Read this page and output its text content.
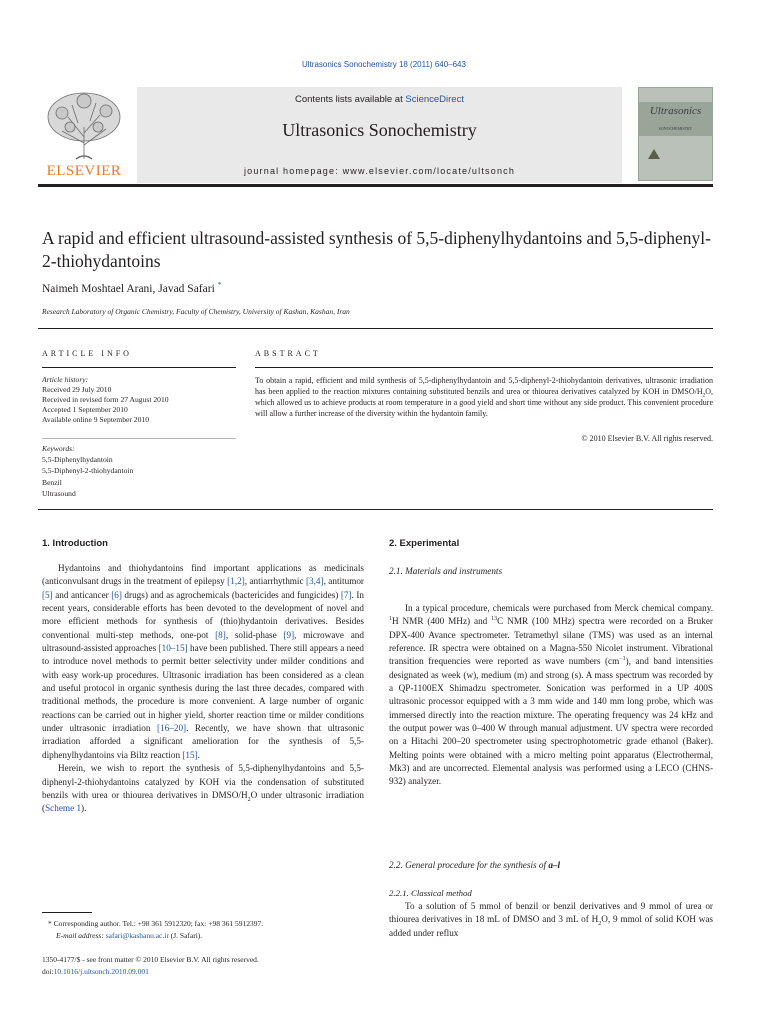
Ultrasonics Sonochemistry 18 (2011) 640–643
ELSEVIER
Contents lists available at ScienceDirect
Ultrasonics Sonochemistry
journal homepage: www.elsevier.com/locate/ultsonch
Ultrasonics
SONOCHEMISTRY
A rapid and efficient ultrasound-assisted synthesis of 5,5-diphenylhydantoins and 5,5-diphenyl-2-thiohydantoins
Naimeh Moshtael Arani, Javad Safari *
Research Laboratory of Organic Chemistry, Faculty of Chemistry, University of Kashan, Kashan, Iran
ARTICLE INFO	ABSTRACT
Article history:
Received 29 July 2010
Received in revised form 27 August 2010
Accepted 1 September 2010
Available online 9 September 2010
Keywords:
5,5-Diphenylhydantoin
5,5-Diphenyl-2-thiohydantoin
Benzil
Ultrasound
To obtain a rapid, efficient and mild synthesis of 5,5-diphenylhydantoin and 5,5-diphenyl-2-thiohydantoin derivatives, ultrasonic irradiation has been applied to the reaction mixtures containing substituted benzils and urea or thiourea derivatives catalyzed by KOH in DMSO/$H_2O$, which allowed us to achieve products at room temperature in a good yield and short time without any side product. This convenient procedure will allow a further increase of the diversity within the hydantoin family.
© 2010 Elsevier B.V. All rights reserved.
1. Introduction

Hydantoins and thiohydantoins find important applications as medicinals (anticonvulsant drugs in the treatment of epilepsy [1,2], antiarrhythmic [3,4], antitumor [5] and anticancer [6] drugs) and as agrochemicals (bactericides and fungicides) [7]. In recent years, considerable efforts has been devoted to the development of novel and more efficient methods for synthesis of (thio)hydantoin derivatives. Besides conventional multi-step methods, one-pot [8], solid-phase [9], microwave and ultrasound-assisted approaches [10–15] have been published. There still appears a need to introduce novel methods to permit better selectivity under milder conditions and with easy work-up procedures. Ultrasonic irradiation has been considered as a clean and useful protocol in organic synthesis during the last three decades, compared with traditional methods, the procedure is more convenient. A large number of organic reactions can be carried out in higher yield, shorter reaction time or milder conditions under ultrasonic irradiation [16–20]. Recently, we have shown that ultrasonic irradiation afforded a significant amelioration for the synthesis of 5,5-diphenylhydantoins via Biltz reaction [15].

Herein, we wish to report the synthesis of 5,5-diphenylhydantoins and 5,5-diphenyl-2-thiohydantoins catalyzed by KOH via the condensation of substituted benzils with urea or thiourea derivatives in DMSO/$H_2O$ under ultrasonic irradiation (Scheme 1).

2. Experimental
2.1. Materials and instruments

In a typical procedure, chemicals were purchased from Merck chemical company. $^1$H NMR (400 MHz) and $^{13}$C NMR (100 MHz) spectra were recorded on a Bruker DPX-400 Avance spectrometer. Tetramethyl silane (TMS) was used as an internal reference. IR spectra were obtained on a Magna-550 Nicolet instrument. Vibrational transition frequencies were reported as wave numbers $(cm^{-1})$, and band intensities designated as week (w), medium (m) and strong (s). A mass spectrum was recorded by a QP-1100EX Shimadzu spectrometer. Sonication was performed in a UP 400S ultrasonic processor equipped with a 3 mm wide and 140 mm long probe, which was immersed directly into the reaction mixture. The operating frequency was 24 kHz and the output power was 0–400 W through manual adjustment. UV spectra were recorded on a Hitachi 200–20 spectrometer using spectrophotometric grade ethanol (Baker). Melting points were obtained with a micro melting point apparatus (Electrothermal, Mk3) and are uncorrected. Elemental analysis was performed using a LECO (CHNS-932) analyzer.

2.2. General procedure for the synthesis of a–l
2.2.1. Classical method

To a solution of 5 mmol of benzil or benzil derivatives and 9 mmol of urea or thiourea derivatives in 18 mL of DMSO and 3 mL of $H_2O$, 9 mmol of solid KOH was added under reflux

* Corresponding author. Tel.: +98 361 5912320; fax: +98 361 5912397.
E-mail address: safari@kashanu.ac.ir (J. Safari).
1350-4177/$ - see front matter © 2010 Elsevier B.V. All rights reserved.
doi:10.1016/j.ultsonch.2010.09.001
